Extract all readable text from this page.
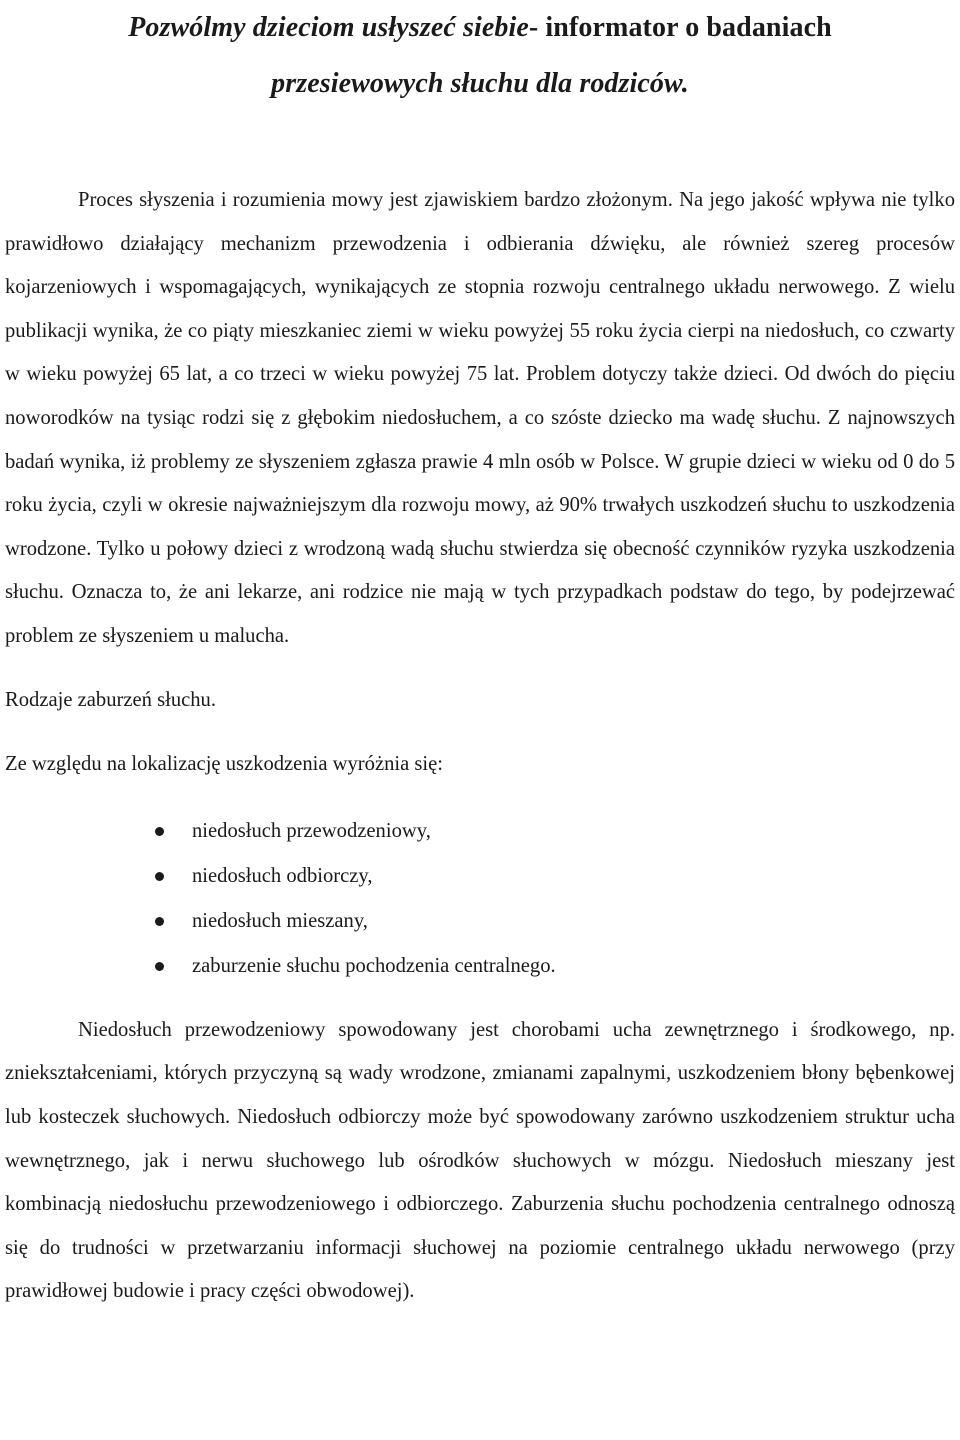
Pozwólmy dzieciom usłyszeć siebie- informator o badaniach
przesiewowych słuchu dla rodziców.

Proces słyszenia i rozumienia mowy jest zjawiskiem bardzo złożonym. Na jego jakość wpływa nie tylko prawidłowo działający mechanizm przewodzenia i odbierania dźwięku, ale również szereg procesów kojarzeniowych i wspomagających, wynikających ze stopnia rozwoju centralnego układu nerwowego. Z wielu publikacji wynika, że co piąty mieszkaniec ziemi w wieku powyżej 55 roku życia cierpi na niedosłuch, co czwarty w wieku powyżej 65 lat, a co trzeci w wieku powyżej 75 lat. Problem dotyczy także dzieci. Od dwóch do pięciu noworodków na tysiąc rodzi się z głębokim niedosłuchem, a co szóste dziecko ma wadę słuchu. Z najnowszych badań wynika, iż problemy ze słyszeniem zgłasza prawie 4 mln osób w Polsce. W grupie dzieci w wieku od 0 do 5 roku życia, czyli w okresie najważniejszym dla rozwoju mowy, aż 90% trwałych uszkodzeń słuchu to uszkodzenia wrodzone. Tylko u połowy dzieci z wrodzoną wadą słuchu stwierdza się obecność czynników ryzyka uszkodzenia słuchu. Oznacza to, że ani lekarze, ani rodzice nie mają w tych przypadkach podstaw do tego, by podejrzewać problem ze słyszeniem u malucha.

Rodzaje zaburzeń słuchu.

Ze względu na lokalizację uszkodzenia wyróżnia się:

niedosłuch przewodzeniowy,
niedosłuch odbiorczy,
niedosłuch mieszany,
zaburzenie słuchu pochodzenia centralnego.

Niedosłuch przewodzeniowy spowodowany jest chorobami ucha zewnętrznego i środkowego, np. zniekształceniami, których przyczyną są wady wrodzone, zmianami zapalnymi, uszkodzeniem błony bębenkowej lub kosteczek słuchowych. Niedosłuch odbiorczy może być spowodowany zarówno uszkodzeniem struktur ucha wewnętrznego, jak i nerwu słuchowego lub ośrodków słuchowych w mózgu. Niedosłuch mieszany jest kombinacją niedosłuchu przewodzeniowego i odbiorczego. Zaburzenia słuchu pochodzenia centralnego odnoszą się do trudności w przetwarzaniu informacji słuchowej na poziomie centralnego układu nerwowego (przy prawidłowej budowie i pracy części obwodowej).
